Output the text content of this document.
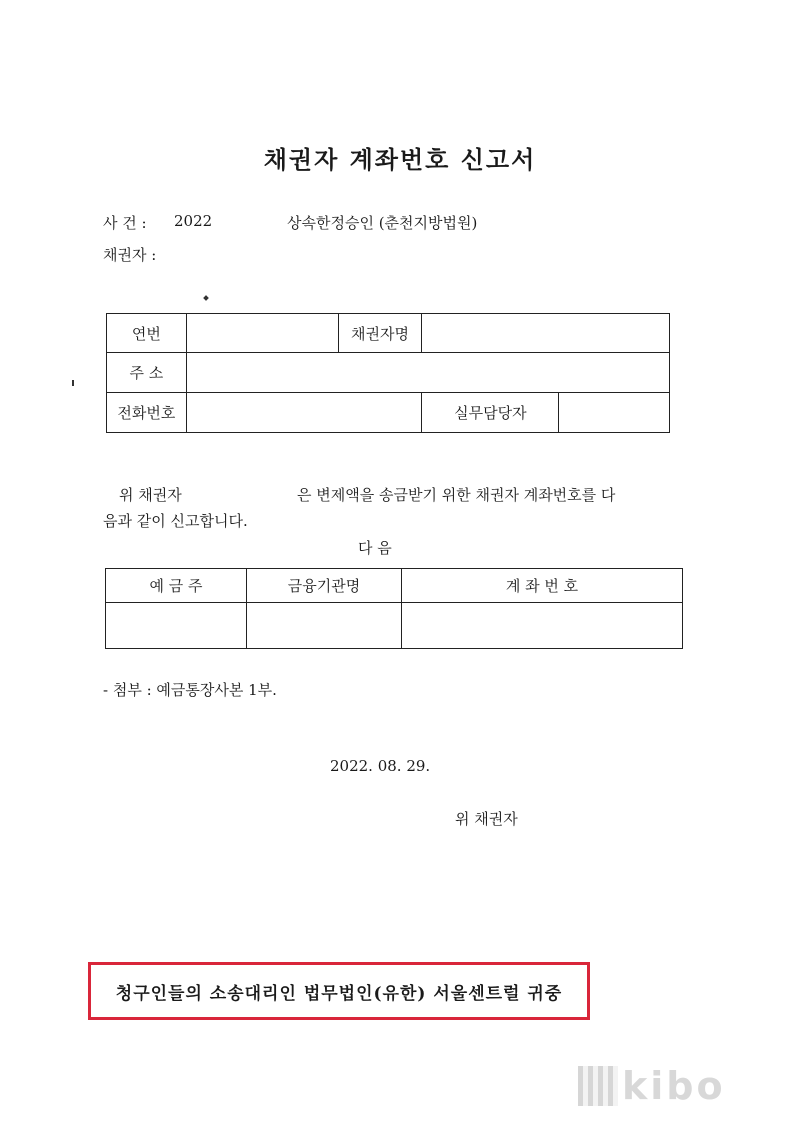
채권자 계좌번호 신고서
사 건 : 2022	상속한정승인 (춘천지방법원)
채권자 :
연번		채권자명		
주 소				
전화번호			실무담당자	
위 채권자	은 변제액을 송금받기 위한 채권자 계좌번호를 다
음과 같이 신고합니다.
다 음
예 금 주	금융기관명	계 좌 번 호

- 첨부 : 예금통장사본 1부.
2022. 08. 29.
위 채권자
청구인들의 소송대리인 법무법인(유한) 서울센트럴 귀중
kibo
